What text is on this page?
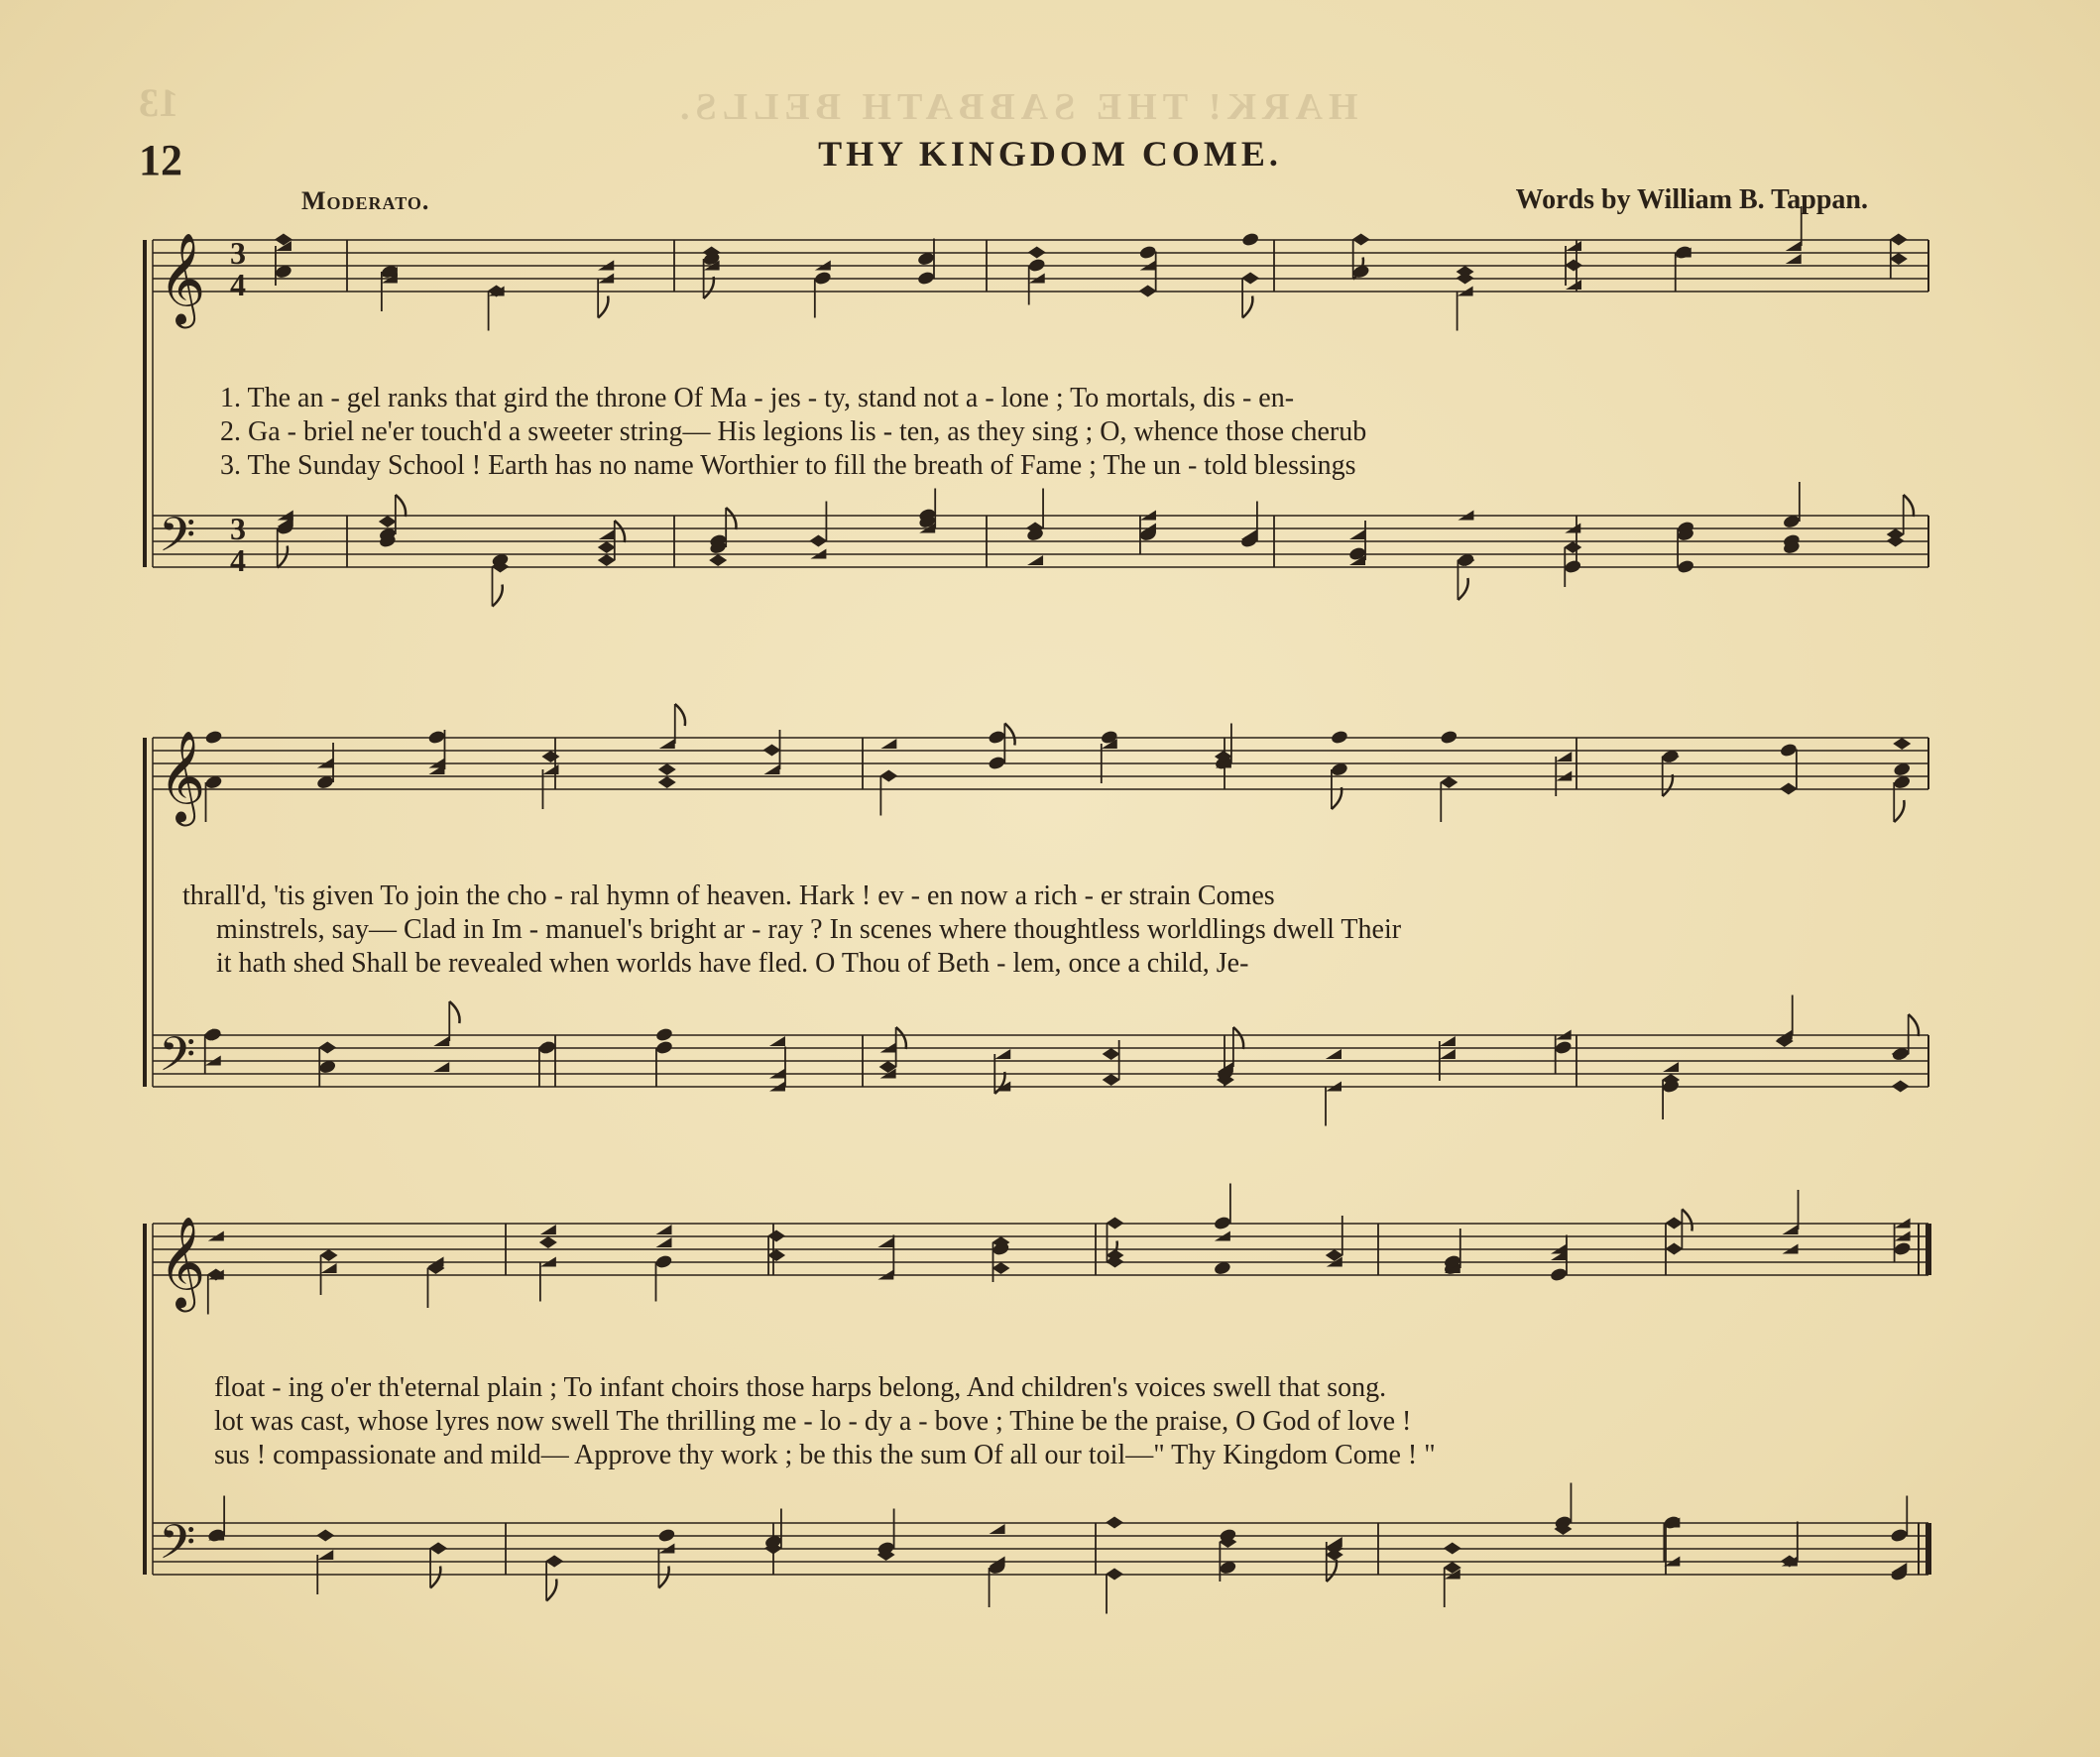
HARK! THE SABBATH BELLS.
13
12	THY KINGDOM COME.
Moderato.	Words by William B. Tappan.
𝄞 3
4
𝄢 3
4
𝄞
𝄢
𝄞
𝄢
1. The an - gel ranks that gird the throne Of Ma - jes - ty, stand not a - lone ; To mortals, dis - en-
2. Ga - briel ne'er touch'd a sweeter string— His legions lis - ten, as they sing ; O, whence those cherub
3. The Sunday School ! Earth has no name Worthier to fill the breath of Fame ; The un - told blessings
thrall'd, 'tis given To join the cho - ral hymn of heaven. Hark ! ev - en now a rich - er strain Comes
minstrels, say— Clad in Im - manuel's bright ar - ray ? In scenes where thoughtless worldlings dwell Their
it hath shed Shall be revealed when worlds have fled. O Thou of Beth - lem, once a child, Je-
float - ing o'er th'eternal plain ; To infant choirs those harps belong, And children's voices swell that song.
lot was cast, whose lyres now swell The thrilling me - lo - dy a - bove ; Thine be the praise, O God of love !
sus ! compassionate and mild— Approve thy work ; be this the sum Of all our toil—" Thy Kingdom Come ! "
